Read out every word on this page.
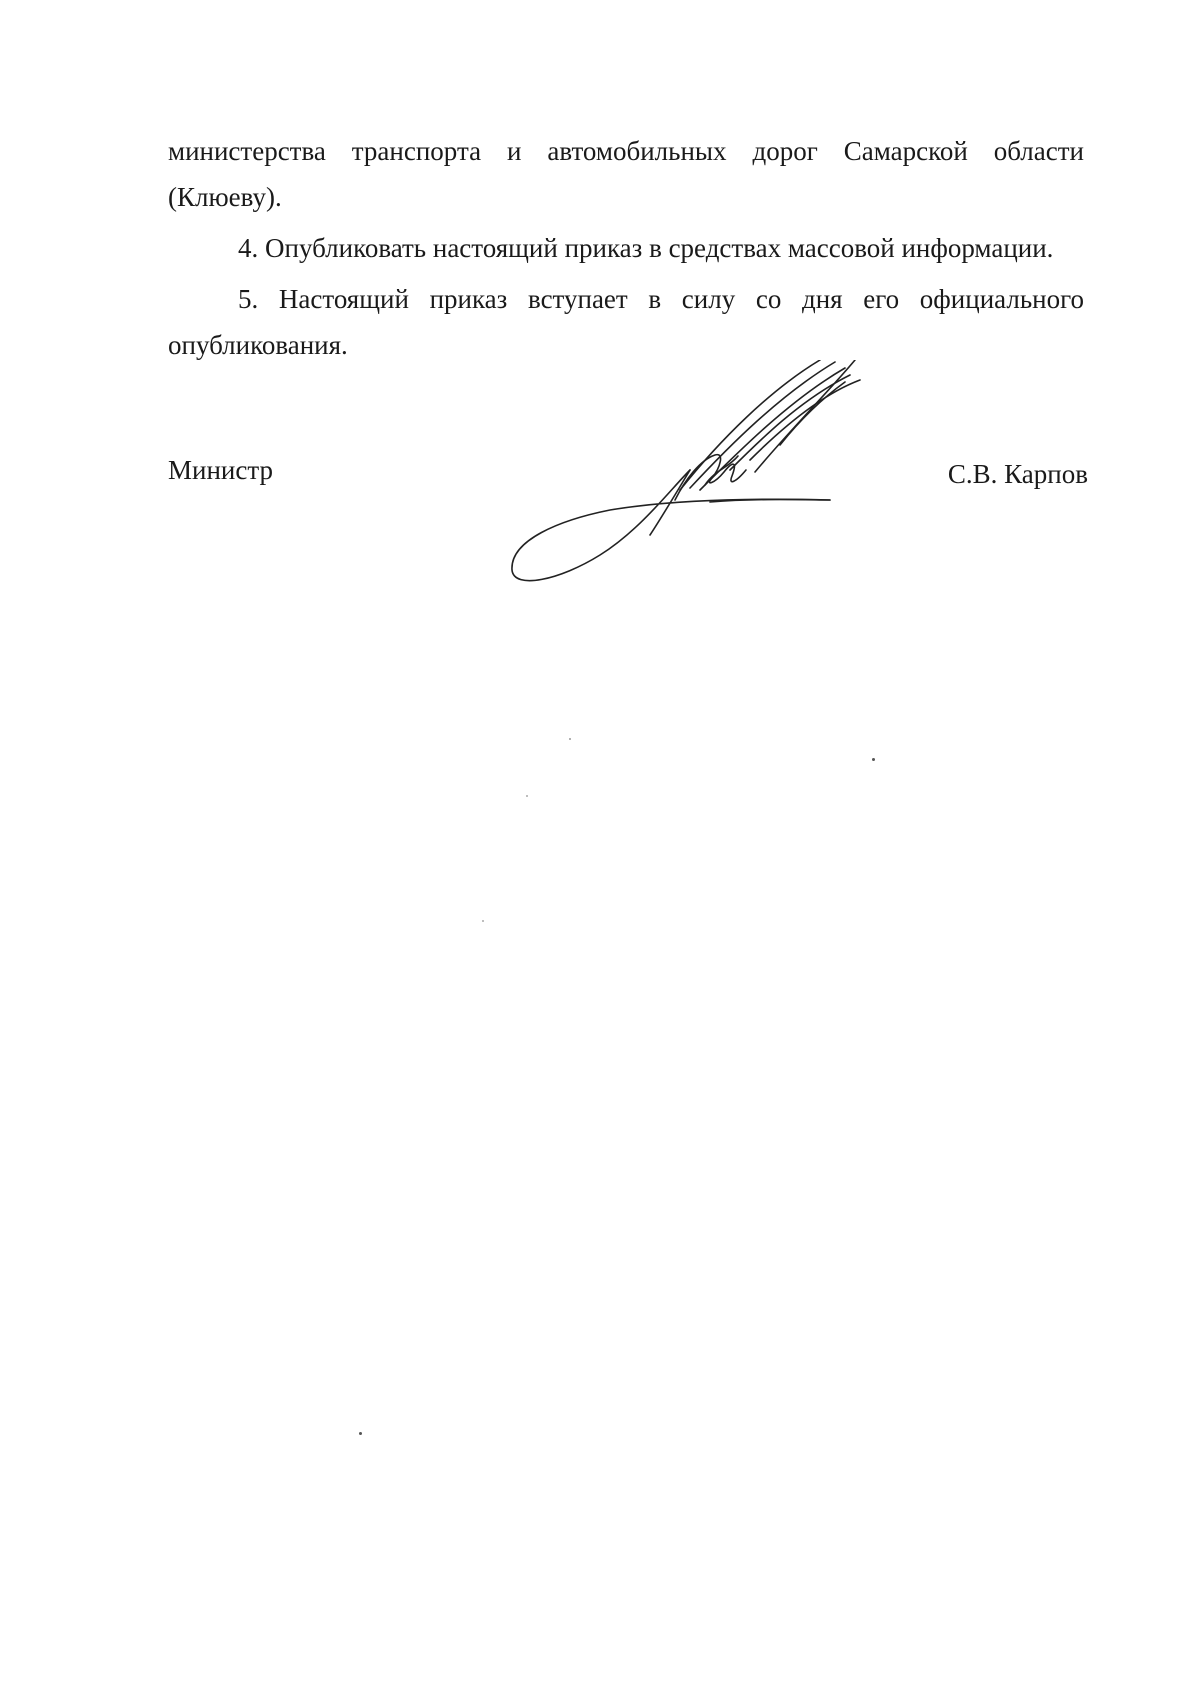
министерства транспорта и автомобильных дорог Самарской области (Клюеву).

4. Опубликовать настоящий приказ в средствах массовой информации.

5. Настоящий приказ вступает в силу со дня его официального опубликования.

Министр	С.В. Карпов
